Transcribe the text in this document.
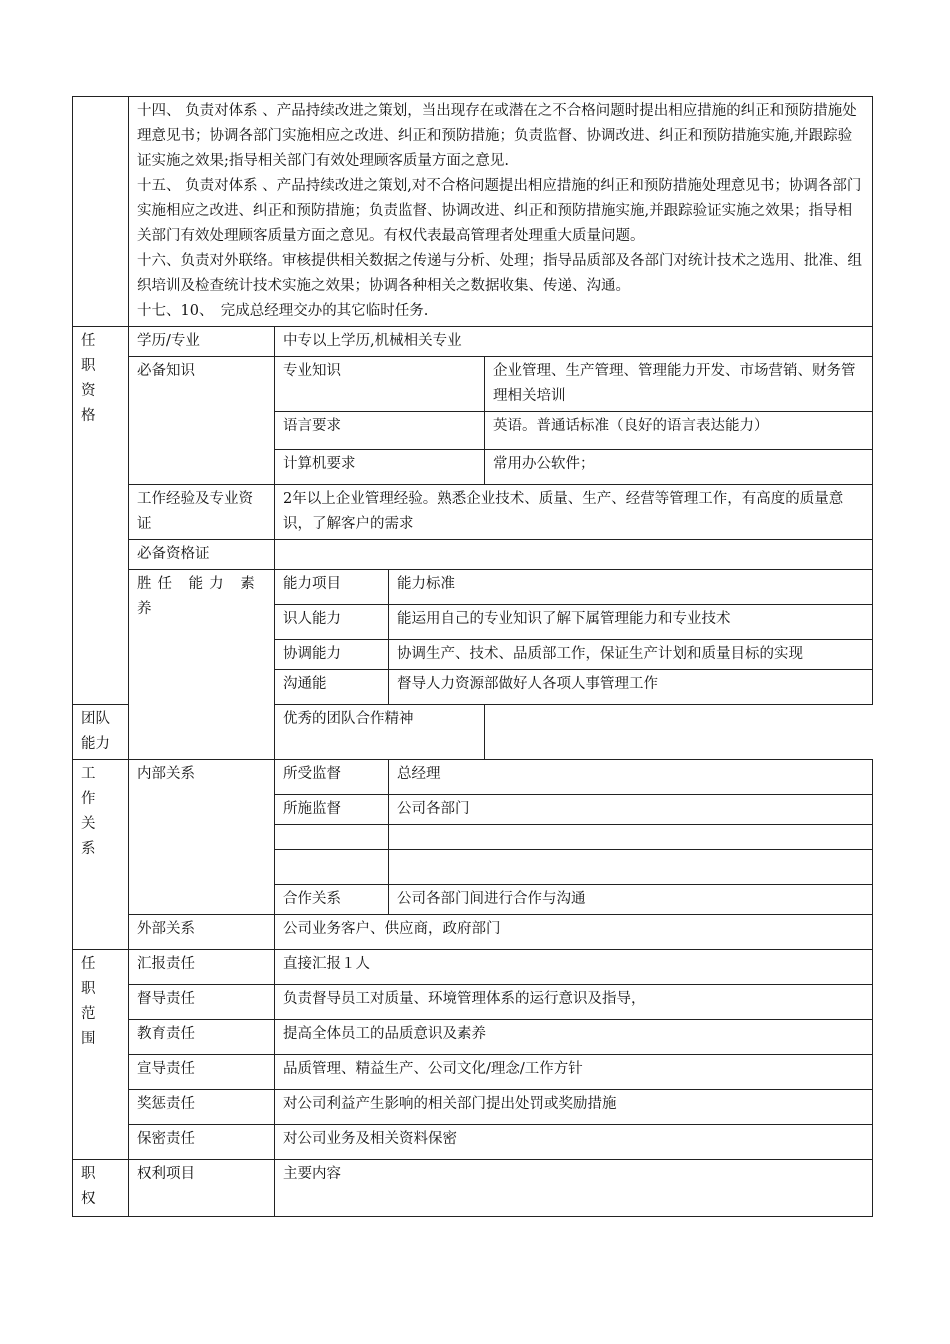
	十四、 负责对体系 、产品持续改进之策划，当出现存在或潜在之不合格问题时提出相应措施的纠正和预防措施处理意见书；协调各部门实施相应之改进、纠正和预防措施；负责监督、协调改进、纠正和预防措施实施,并跟踪验证实施之效果;指导相关部门有效处理顾客质量方面之意见.

十五、 负责对体系 、产品持续改进之策划,对不合格问题提出相应措施的纠正和预防措施处理意见书；协调各部门实施相应之改进、纠正和预防措施；负责监督、协调改进、纠正和预防措施实施,并跟踪验证实施之效果；指导相关部门有效处理顾客质量方面之意见。有权代表最高管理者处理重大质量问题。

十六、负责对外联络。审核提供相关数据之传递与分析、处理；指导品质部及各部门对统计技术之选用、批准、组织培训及检查统计技术实施之效果；协调各种相关之数据收集、传递、沟通。

十七、10、　完成总经理交办的其它临时任务.			

任职资格	学历/专业	中专以上学历,机械相关专业		
	必备知识	专业知识		企业管理、生产管理、管理能力开发、市场营销、财务管理相关培训
		语言要求		英语。普通话标准（良好的语言表达能力）
		计算机要求		常用办公软件；
	工作经验及专业资证	2年以上企业管理经验。熟悉企业技术、质量、生产、经营等管理工作，有高度的质量意识，了解客户的需求		
	必备资格证			
	胜任 能力 素养	能力项目	能力标准	
		识人能力	能运用自己的专业知识了解下属管理能力和专业技术	
		协调能力	协调生产、技术、品质部工作，保证生产计划和质量目标的实现	
		沟通能	督导人力资源部做好人各项人事管理工作	
团队能力		优秀的团队合作精神		
工作关系	内部关系	所受监督	总经理	
		所施监督	公司各部门	

		合作关系	公司各部门间进行合作与沟通	
	外部关系	公司业务客户、供应商，政府部门		
任职范围	汇报责任	直接汇报１人		
	督导责任	负责督导员工对质量、环境管理体系的运行意识及指导，		
	教育责任	提高全体员工的品质意识及素养		
	宣导责任	品质管理、精益生产、公司文化/理念/工作方针		
	奖惩责任	对公司利益产生影响的相关部门提出处罚或奖励措施		
	保密责任	对公司业务及相关资料保密		
职权	权利项目	主要内容		
